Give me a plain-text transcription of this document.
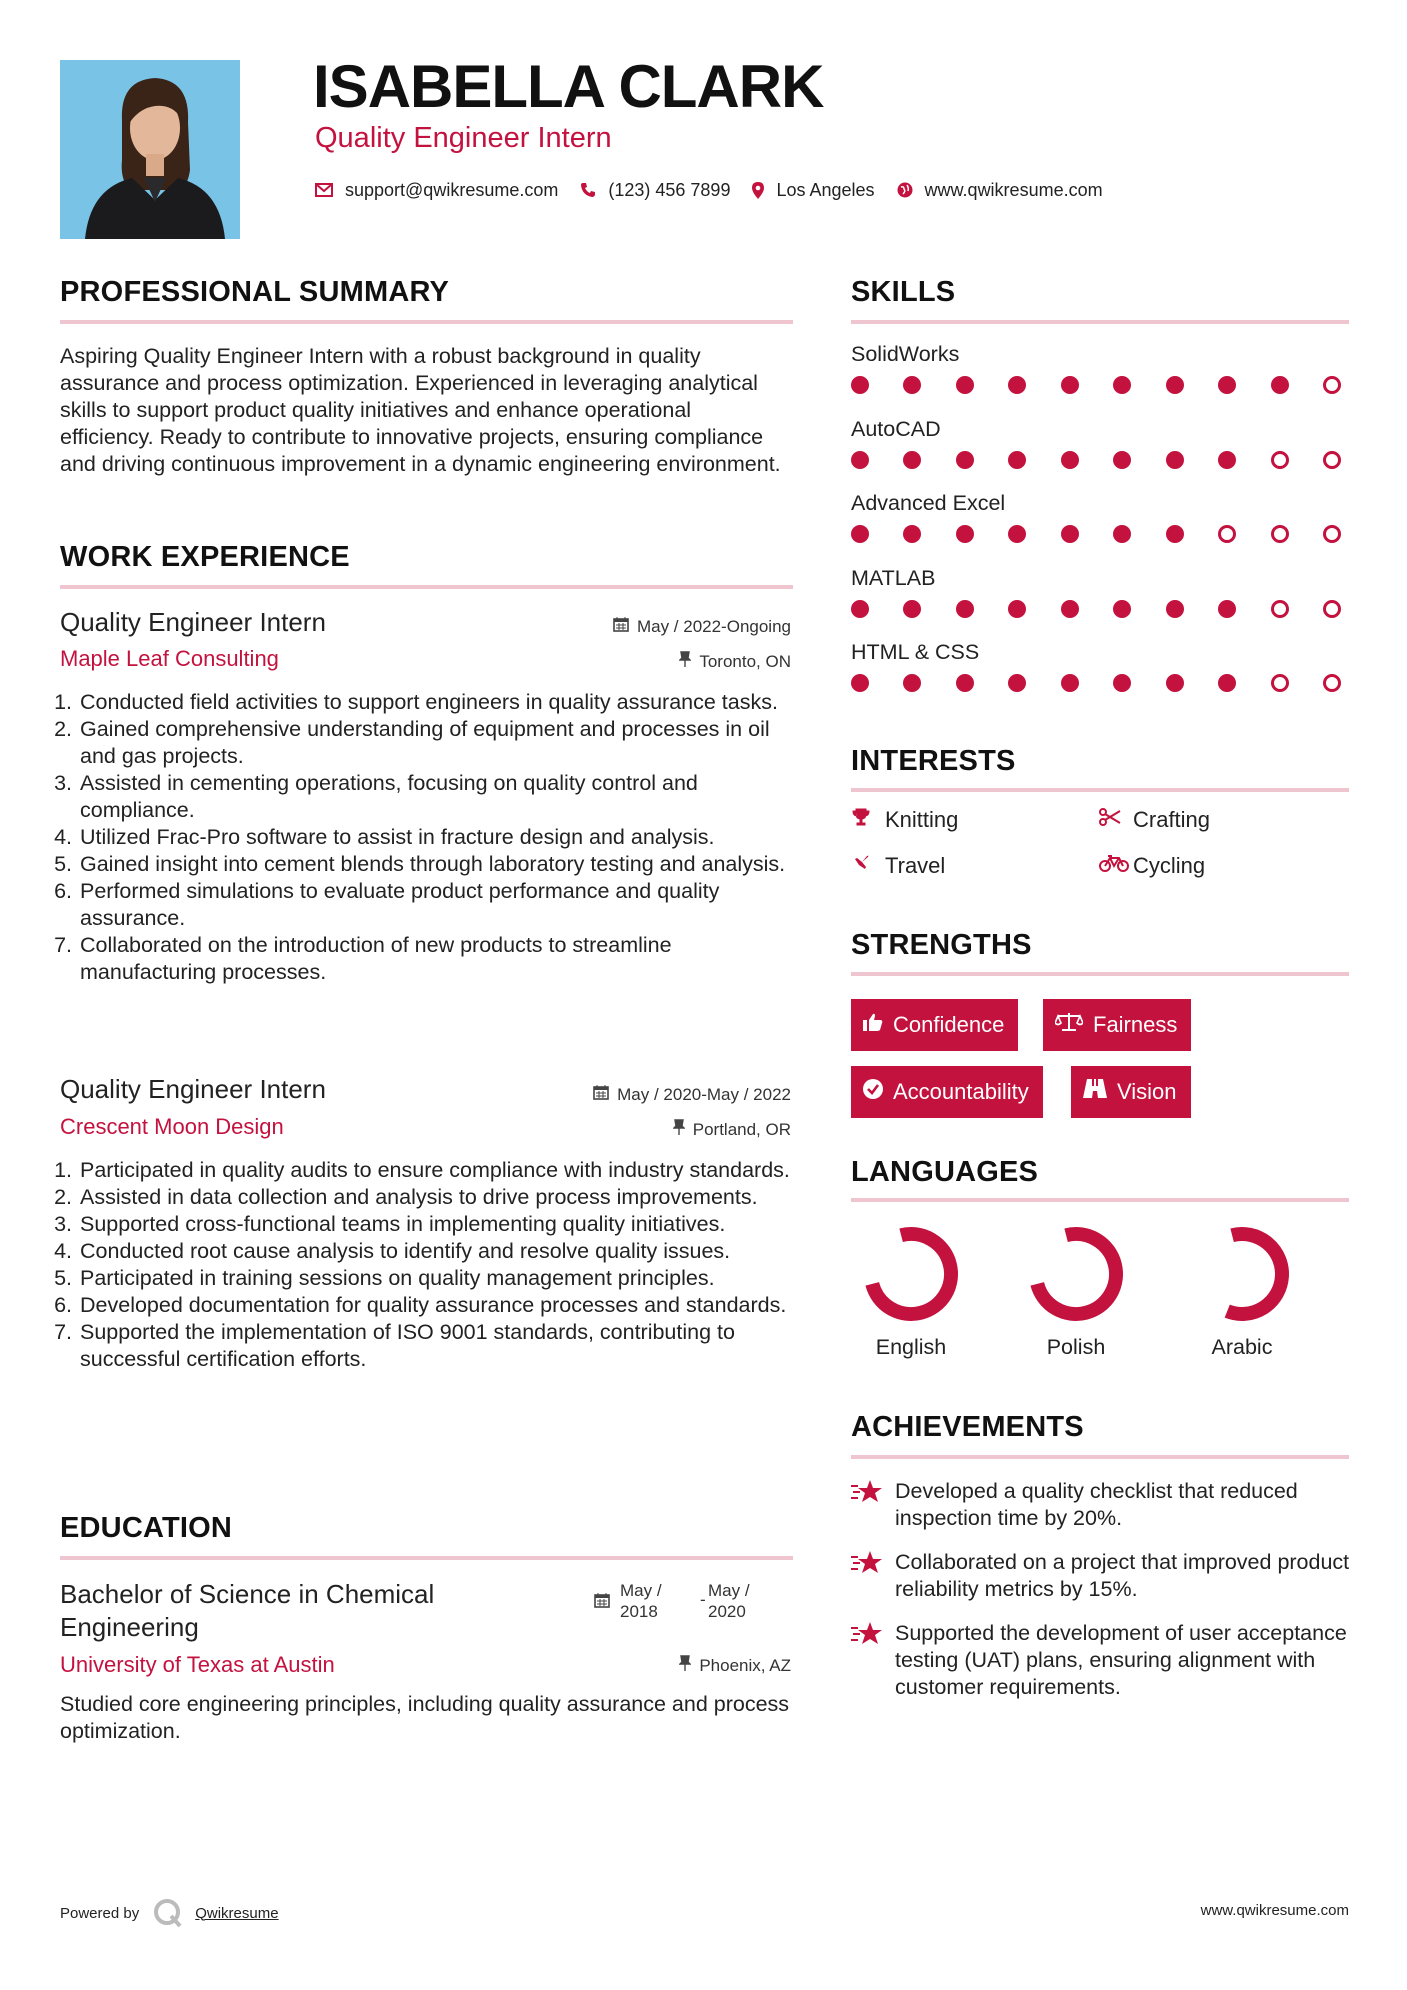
ISABELLA CLARK
Quality Engineer Intern
support@qwikresume.com	(123) 456 7899	Los Angeles	www.qwikresume.com
PROFESSIONAL SUMMARY
Aspiring Quality Engineer Intern with a robust background in quality assurance and process optimization. Experienced in leveraging analytical skills to support product quality initiatives and enhance operational efficiency. Ready to contribute to innovative projects, ensuring compliance and driving continuous improvement in a dynamic engineering environment.
WORK EXPERIENCE
Quality Engineer Intern	May / 2022-Ongoing
Maple Leaf Consulting	Toronto, ON
1. Conducted field activities to support engineers in quality assurance tasks.
2. Gained comprehensive understanding of equipment and processes in oil and gas projects.
3. Assisted in cementing operations, focusing on quality control and compliance.
4. Utilized Frac-Pro software to assist in fracture design and analysis.
5. Gained insight into cement blends through laboratory testing and analysis.
6. Performed simulations to evaluate product performance and quality assurance.
7. Collaborated on the introduction of new products to streamline manufacturing processes.
Quality Engineer Intern	May / 2020-May / 2022
Crescent Moon Design	Portland, OR
1. Participated in quality audits to ensure compliance with industry standards.
2. Assisted in data collection and analysis to drive process improvements.
3. Supported cross-functional teams in implementing quality initiatives.
4. Conducted root cause analysis to identify and resolve quality issues.
5. Participated in training sessions on quality management principles.
6. Developed documentation for quality assurance processes and standards.
7. Supported the implementation of ISO 9001 standards, contributing to successful certification efforts.
EDUCATION
Bachelor of Science in Chemical Engineering
May / 2018
- May / 2020
University of Texas at Austin	Phoenix, AZ
Studied core engineering principles, including quality assurance and process optimization.
SKILLS
SolidWorks
AutoCAD
Advanced Excel
MATLAB
HTML & CSS
INTERESTS
Knitting	Crafting
Travel	Cycling
STRENGTHS
Confidence	Fairness
Accountability	Vision
LANGUAGES
English	Polish	Arabic
ACHIEVEMENTS
Developed a quality checklist that reduced inspection time by 20%.
Collaborated on a project that improved product reliability metrics by 15%.
Supported the development of user acceptance testing (UAT) plans, ensuring alignment with customer requirements.
Powered by	Qwikresume	www.qwikresume.com
